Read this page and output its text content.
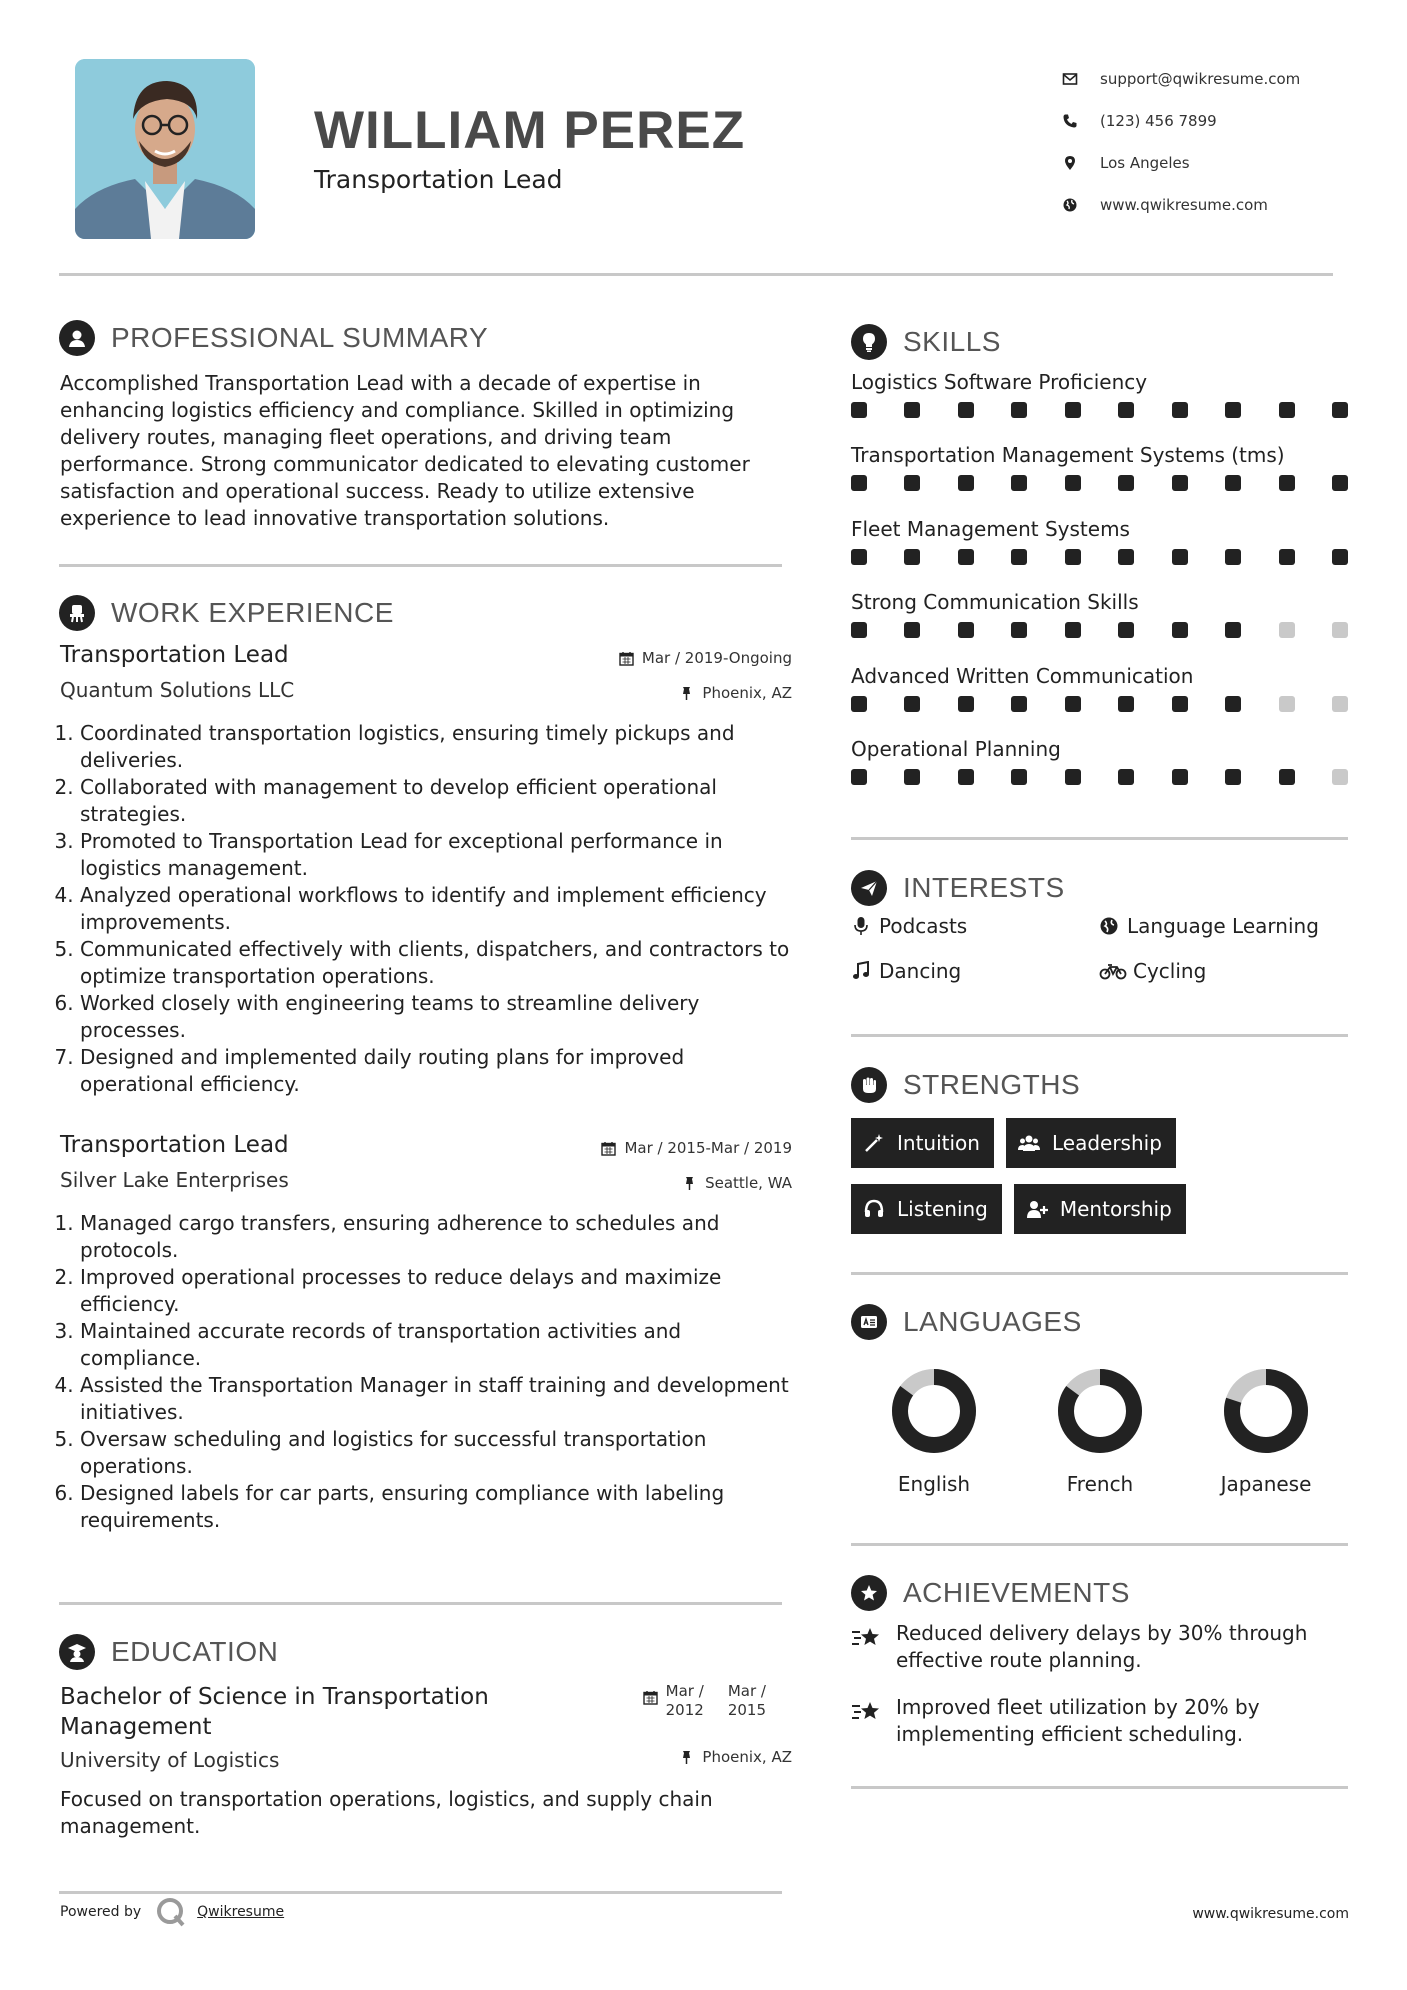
WILLIAM PEREZ
Transportation Lead
support@qwikresume.com
(123) 456 7899
Los Angeles
www.qwikresume.com
PROFESSIONAL SUMMARY
Accomplished Transportation Lead with a decade of expertise in enhancing logistics efficiency and compliance. Skilled in optimizing delivery routes, managing fleet operations, and driving team performance. Strong communicator dedicated to elevating customer satisfaction and operational success. Ready to utilize extensive experience to lead innovative transportation solutions.
WORK EXPERIENCE
Transportation Lead
Quantum Solutions LLC
Mar / 2019-Ongoing
Phoenix, AZ
1. Coordinated transportation logistics, ensuring timely pickups and deliveries.
2. Collaborated with management to develop efficient operational strategies.
3. Promoted to Transportation Lead for exceptional performance in logistics management.
4. Analyzed operational workflows to identify and implement efficiency improvements.
5. Communicated effectively with clients, dispatchers, and contractors to optimize transportation operations.
6. Worked closely with engineering teams to streamline delivery processes.
7. Designed and implemented daily routing plans for improved operational efficiency.
Transportation Lead
Silver Lake Enterprises
Mar / 2015-Mar / 2019
Seattle, WA
1. Managed cargo transfers, ensuring adherence to schedules and protocols.
2. Improved operational processes to reduce delays and maximize efficiency.
3. Maintained accurate records of transportation activities and compliance.
4. Assisted the Transportation Manager in staff training and development initiatives.
5. Oversaw scheduling and logistics for successful transportation operations.
6. Designed labels for car parts, ensuring compliance with labeling requirements.
EDUCATION
Bachelor of Science in Transportation Management
University of Logistics
Mar /
2012
Mar /
2015
Phoenix, AZ
Focused on transportation operations, logistics, and supply chain management.
SKILLS
Logistics Software Proficiency
Transportation Management Systems (tms)
Fleet Management Systems
Strong Communication Skills
Advanced Written Communication
Operational Planning
INTERESTS
Podcasts	Language Learning
Dancing	Cycling
STRENGTHS
Intuition	Leadership
Listening	Mentorship
LANGUAGES
English	French	Japanese
ACHIEVEMENTS
Reduced delivery delays by 30% through effective route planning.
Improved fleet utilization by 20% by implementing efficient scheduling.
Powered by	Qwikresume	www.qwikresume.com
